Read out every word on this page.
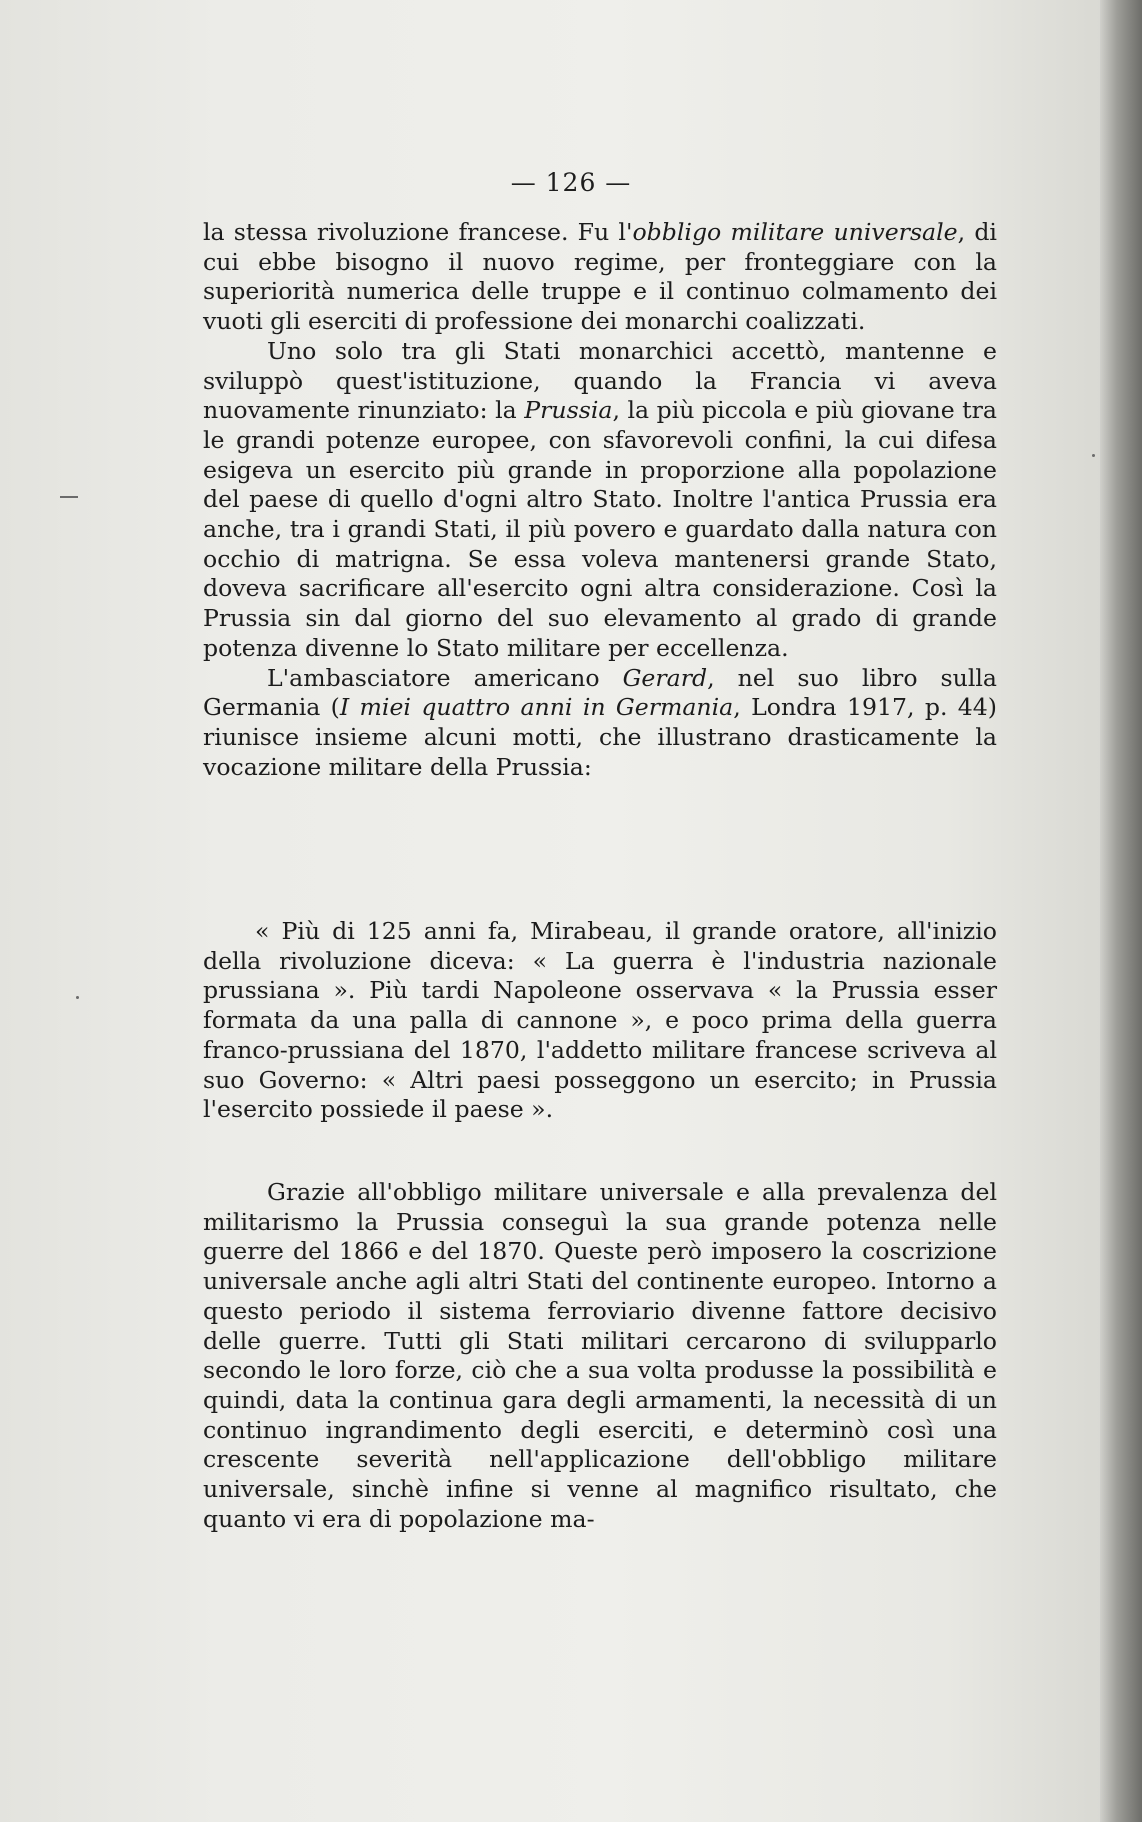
— 126 —

la stessa rivoluzione francese. Fu l'obbligo militare universale, di cui ebbe bisogno il nuovo regime, per fronteggiare con la superiorità numerica delle truppe e il continuo colmamento dei vuoti gli eserciti di professione dei monarchi coalizzati.

Uno solo tra gli Stati monarchici accettò, mantenne e sviluppò quest'istituzione, quando la Francia vi aveva nuovamente rinunziato: la Prussia, la più piccola e più giovane tra le grandi potenze europee, con sfavorevoli confini, la cui difesa esigeva un esercito più grande in proporzione alla popolazione del paese di quello d'ogni altro Stato. Inoltre l'antica Prussia era anche, tra i grandi Stati, il più povero e guardato dalla natura con occhio di matrigna. Se essa voleva mantenersi grande Stato, doveva sacrificare all'esercito ogni altra considerazione. Così la Prussia sin dal giorno del suo elevamento al grado di grande potenza divenne lo Stato militare per eccellenza.

L'ambasciatore americano Gerard, nel suo libro sulla Germania (I miei quattro anni in Germania, Londra 1917, p. 44) riunisce insieme alcuni motti, che illustrano drasticamente la vocazione militare della Prussia:

« Più di 125 anni fa, Mirabeau, il grande oratore, all'inizio della rivoluzione diceva: « La guerra è l'industria nazionale prussiana ». Più tardi Napoleone osservava « la Prussia esser formata da una palla di cannone », e poco prima della guerra franco-prussiana del 1870, l'addetto militare francese scriveva al suo Governo: « Altri paesi posseggono un esercito; in Prussia l'esercito possiede il paese ».

Grazie all'obbligo militare universale e alla prevalenza del militarismo la Prussia conseguì la sua grande potenza nelle guerre del 1866 e del 1870. Queste però imposero la coscrizione universale anche agli altri Stati del continente europeo. Intorno a questo periodo il sistema ferroviario divenne fattore decisivo delle guerre. Tutti gli Stati militari cercarono di svilupparlo secondo le loro forze, ciò che a sua volta produsse la possibilità e quindi, data la continua gara degli armamenti, la necessità di un continuo ingrandimento degli eserciti, e determinò così una crescente severità nell'applicazione dell'obbligo militare universale, sinchè infine si venne al magnifico risultato, che quanto vi era di popolazione ma-
